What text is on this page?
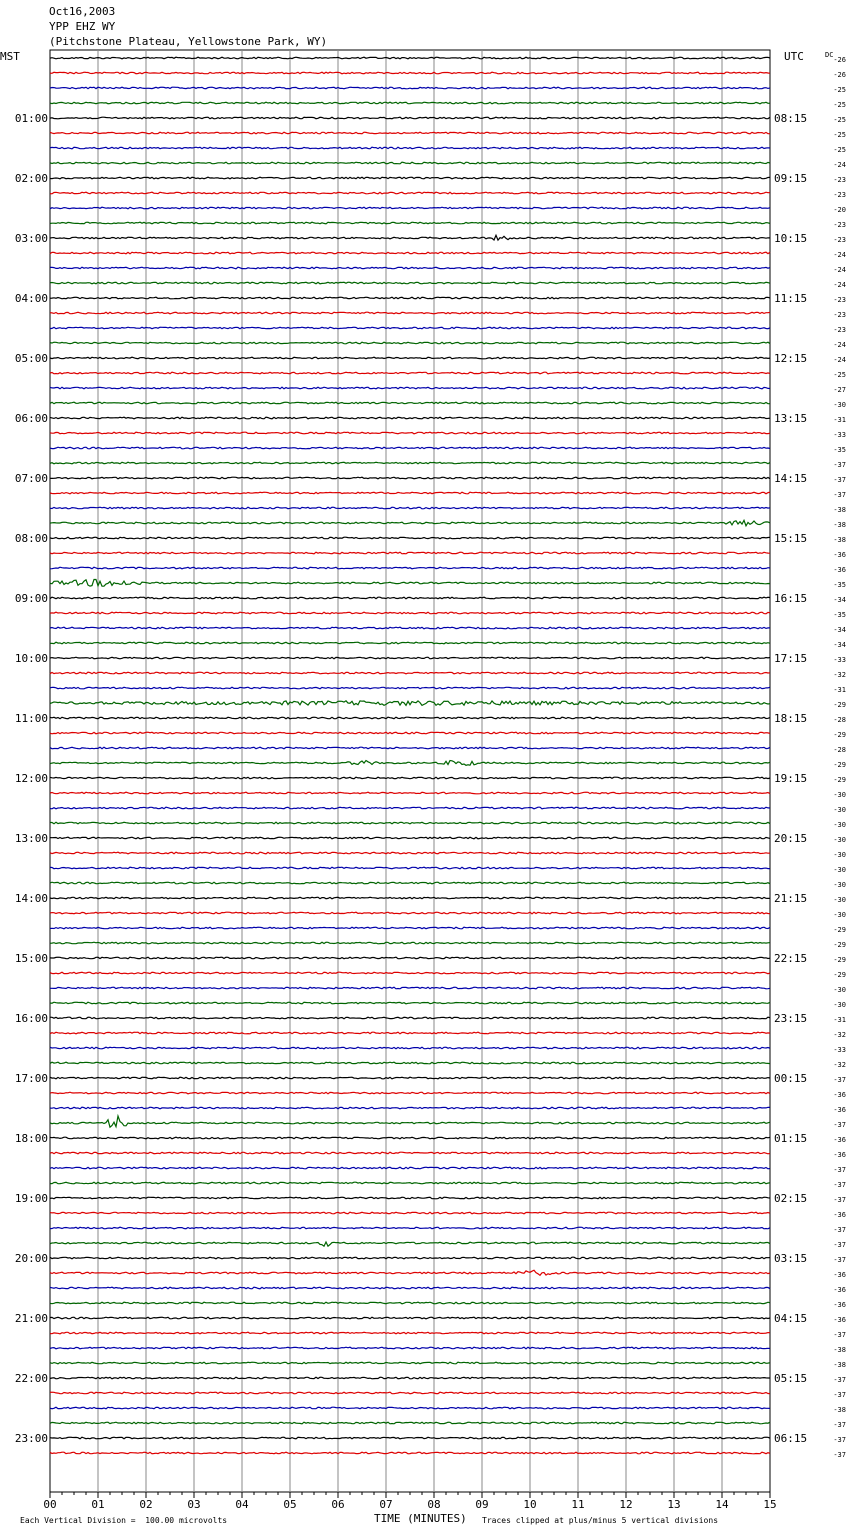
Oct16,2003
YPP EHZ WY
(Pitchstone Plateau, Yellowstone Park, WY)
00	01	02	03	04	05	06	07	08	09	10	11	12	13	14	15
-26
-26
-25
-25
-25
-25
-25
-24
-23
-23
-20
-23
-23
-24
-24
-24
-23
-23
-23
-24
-24
-25
-27
-30
-31
-33
-35
-37
-37
-37
-38
-38
-38
-36
-36
-35
-34
-35
-34
-34
-33
-32
-31
-29
-28
-29
-28
-29
-29
-30
-30
-30
-30
-30
-30
-30
-30
-30
-29
-29
-29
-29
-30
-30
-31
-32
-33
-32
-37
-36
-36
-37
-36
-36
-37
-37
-37
-36
-37
-37
-37
-36
-36
-36
-36
-37
-38
-38
-37
-37
-38
-37
-37
-37
DC
MST	UTC
01:00
02:00
03:00
04:00
05:00
06:00
07:00
08:00
09:00
10:00
11:00
12:00
13:00
14:00
15:00
16:00
17:00
18:00
19:00
20:00
21:00
22:00
23:00
08:15
09:15
10:15
11:15
12:15
13:15
14:15
15:15
16:15
17:15
18:15
19:15
20:15
21:15
22:15
23:15
00:15
01:15
02:15
03:15
04:15
05:15
06:15
Each Vertical Division =  100.00 microvolts	TIME (MINUTES) Traces clipped at plus/minus 5 vertical divisions
